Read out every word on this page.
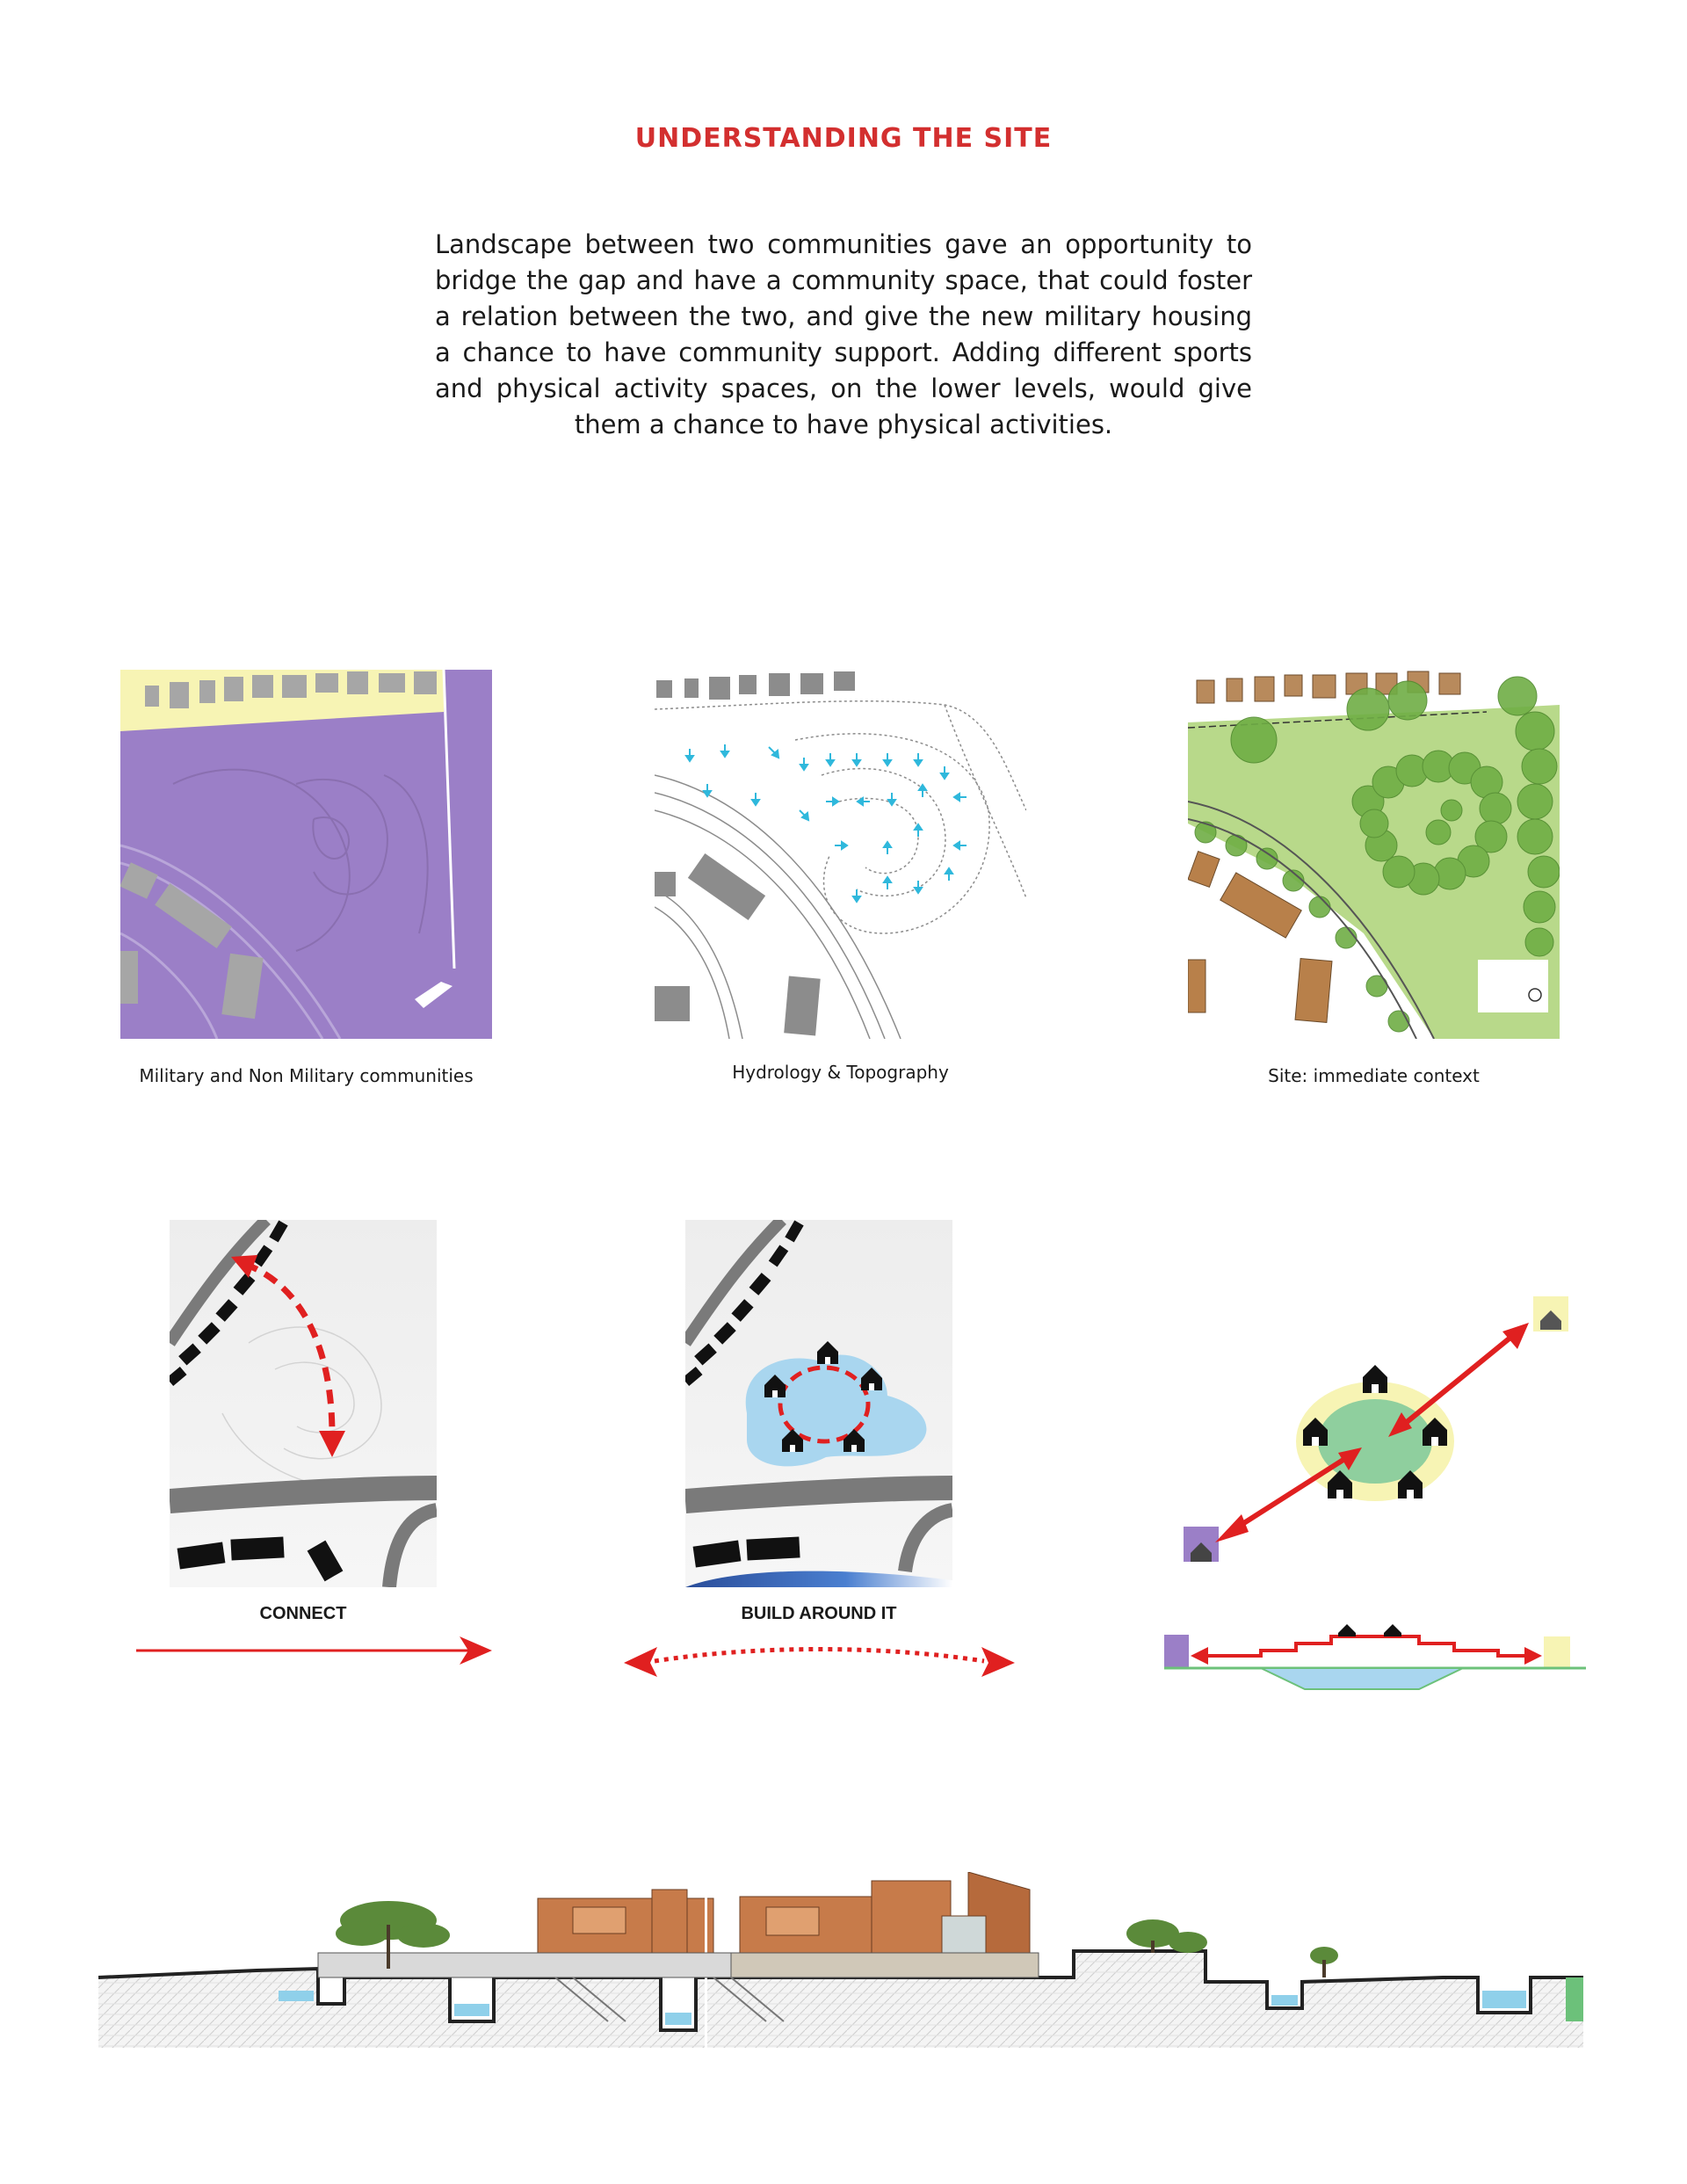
UNDERSTANDING THE SITE

Landscape between two communities gave an opportunity to bridge the gap and have a community space, that could foster a relation between the two, and give the new military housing a chance to have community support. Adding different sports and physical activity spaces, on the lower levels, would give them a chance to have physical activities.

Military and Non Military communities	Hydrology & Topography	Site: immediate context

CONNECT	BUILD AROUND IT
